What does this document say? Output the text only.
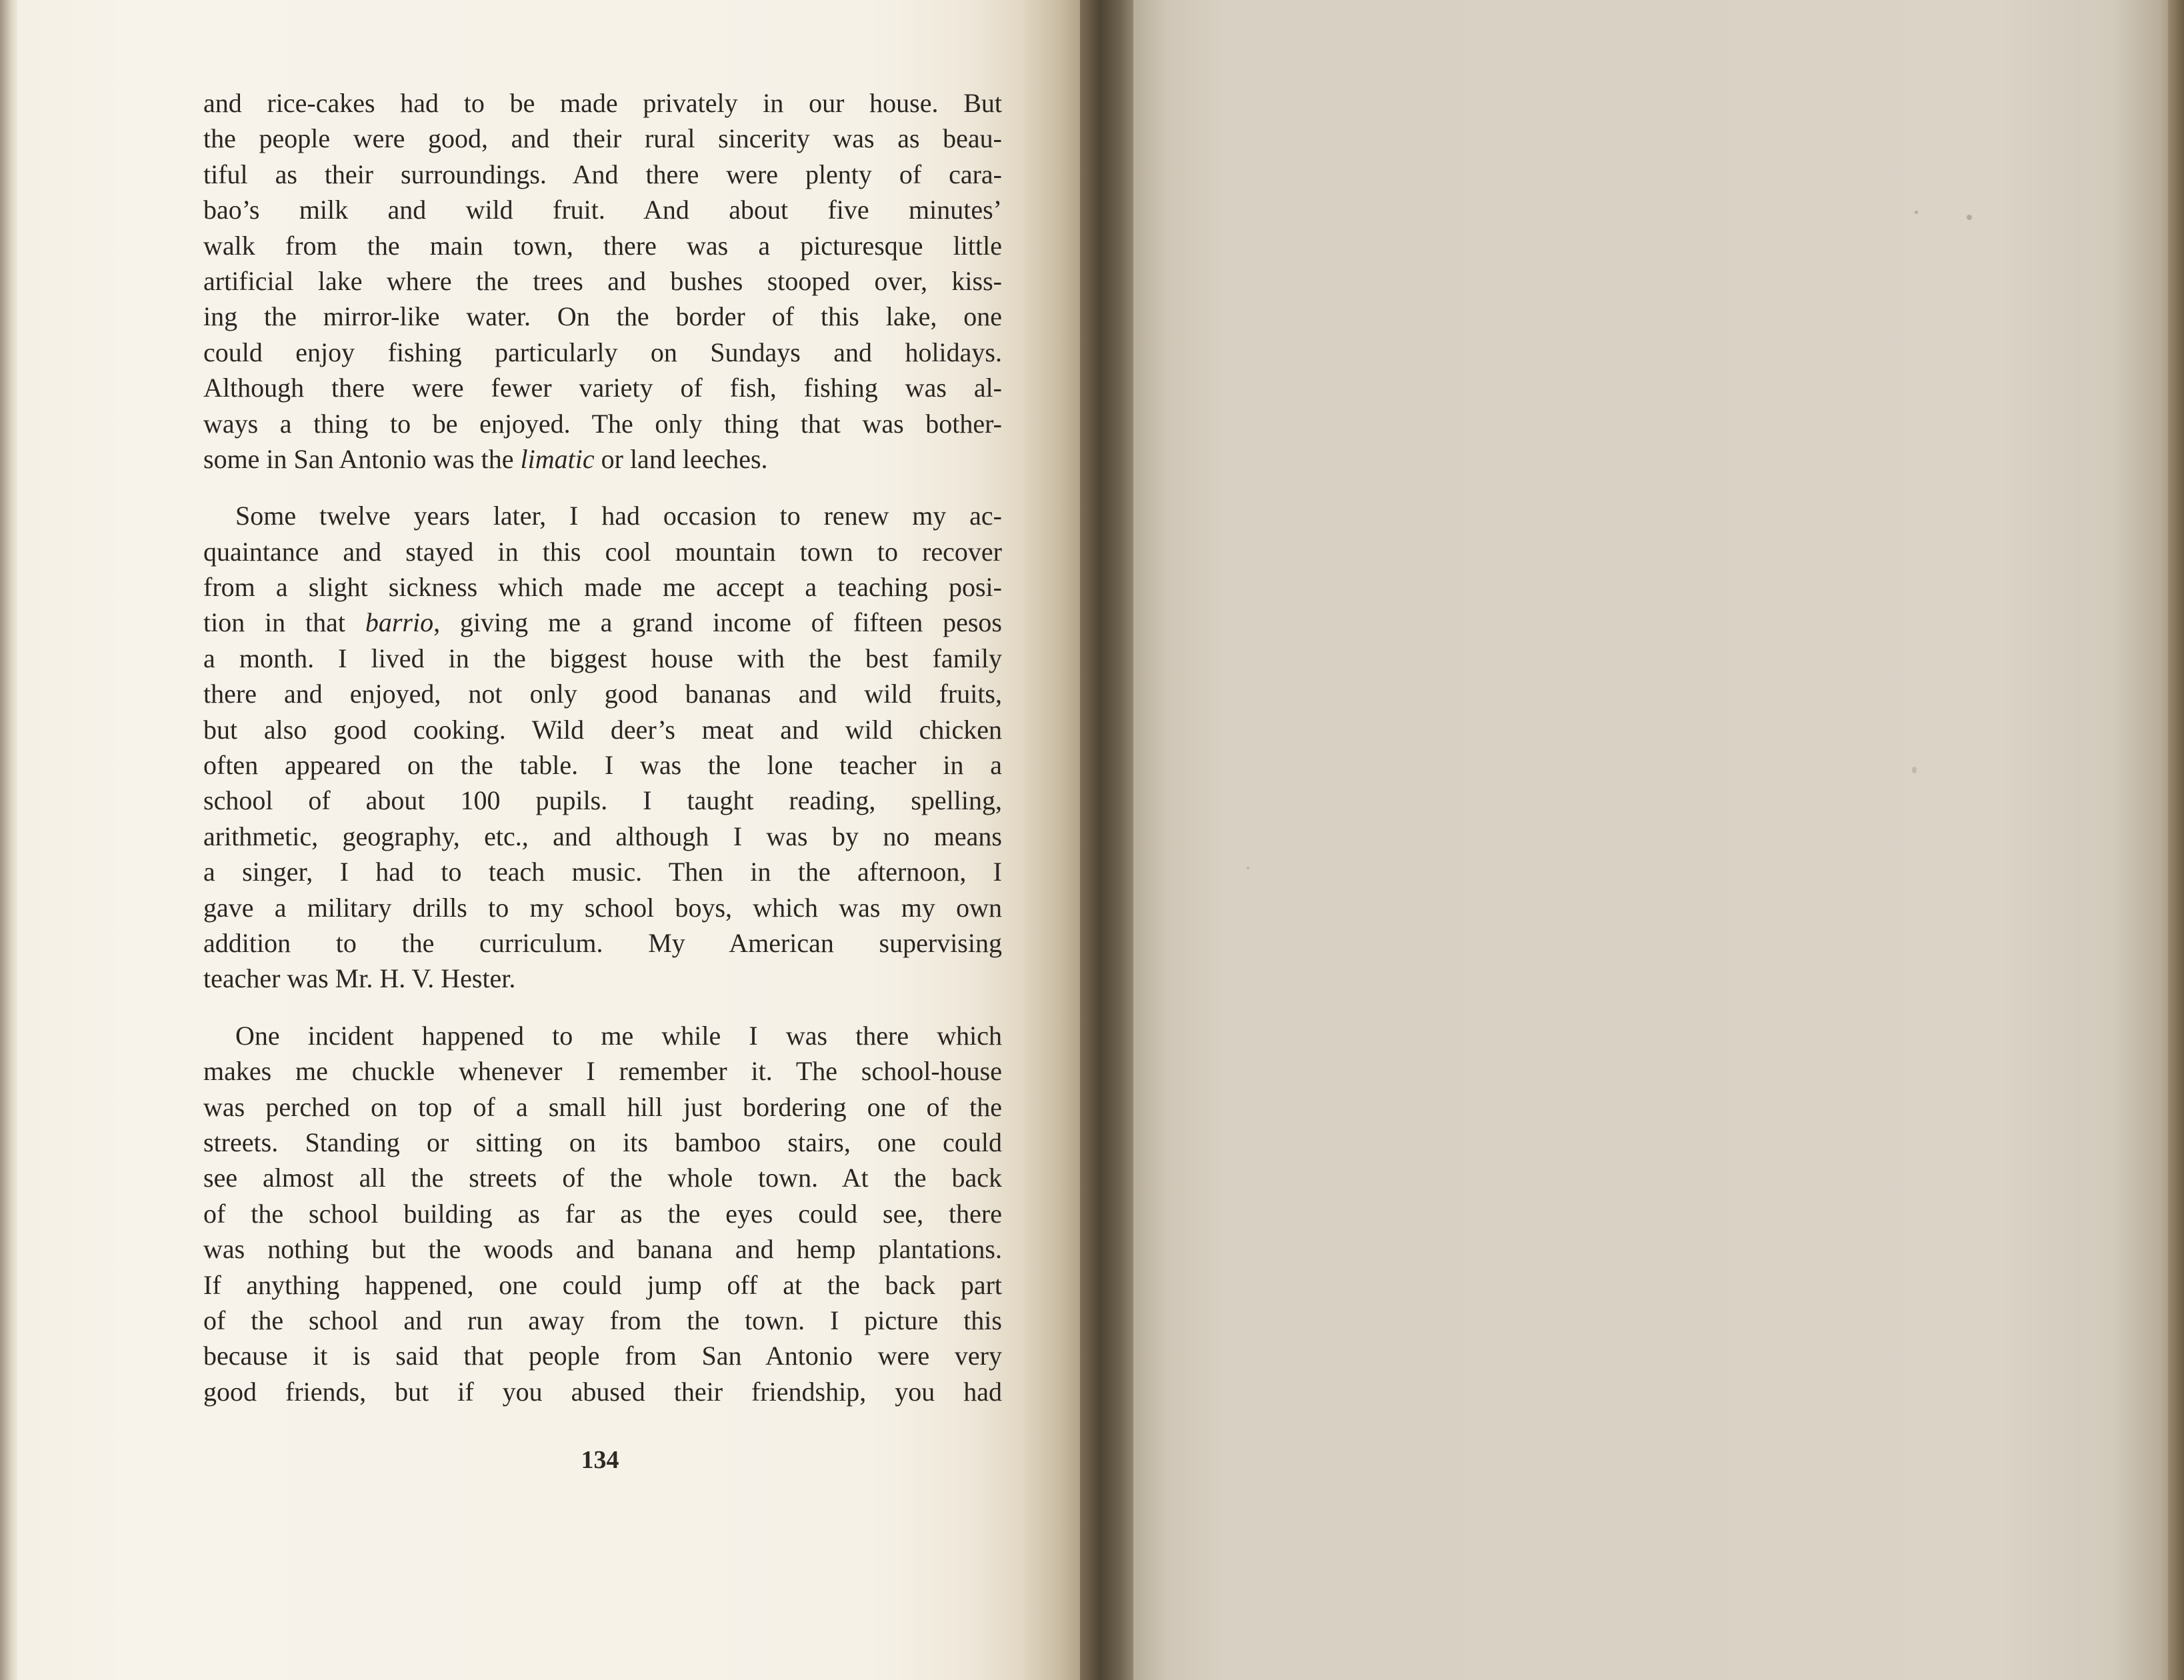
and rice-cakes had to be made privately in our house. But
the people were good, and their rural sincerity was as beau-
tiful as their surroundings. And there were plenty of cara-
bao’s milk and wild fruit. And about five minutes’
walk from the main town, there was a picturesque little
artificial lake where the trees and bushes stooped over, kiss-
ing the mirror-like water. On the border of this lake, one
could enjoy fishing particularly on Sundays and holidays.
Although there were fewer variety of fish, fishing was al-
ways a thing to be enjoyed. The only thing that was bother-
some in San Antonio was the limatic or land leeches.
Some twelve years later, I had occasion to renew my ac-
quaintance and stayed in this cool mountain town to recover
from a slight sickness which made me accept a teaching posi-
tion in that barrio, giving me a grand income of fifteen pesos
a month. I lived in the biggest house with the best family
there and enjoyed, not only good bananas and wild fruits,
but also good cooking. Wild deer’s meat and wild chicken
often appeared on the table. I was the lone teacher in a
school of about 100 pupils. I taught reading, spelling,
arithmetic, geography, etc., and although I was by no means
a singer, I had to teach music. Then in the afternoon, I
gave a military drills to my school boys, which was my own
addition to the curriculum. My American supervising
teacher was Mr. H. V. Hester.
One incident happened to me while I was there which
makes me chuckle whenever I remember it. The school-house
was perched on top of a small hill just bordering one of the
streets. Standing or sitting on its bamboo stairs, one could
see almost all the streets of the whole town. At the back
of the school building as far as the eyes could see, there
was nothing but the woods and banana and hemp plantations.
If anything happened, one could jump off at the back part
of the school and run away from the town. I picture this
because it is said that people from San Antonio were very
good friends, but if you abused their friendship, you had
134
